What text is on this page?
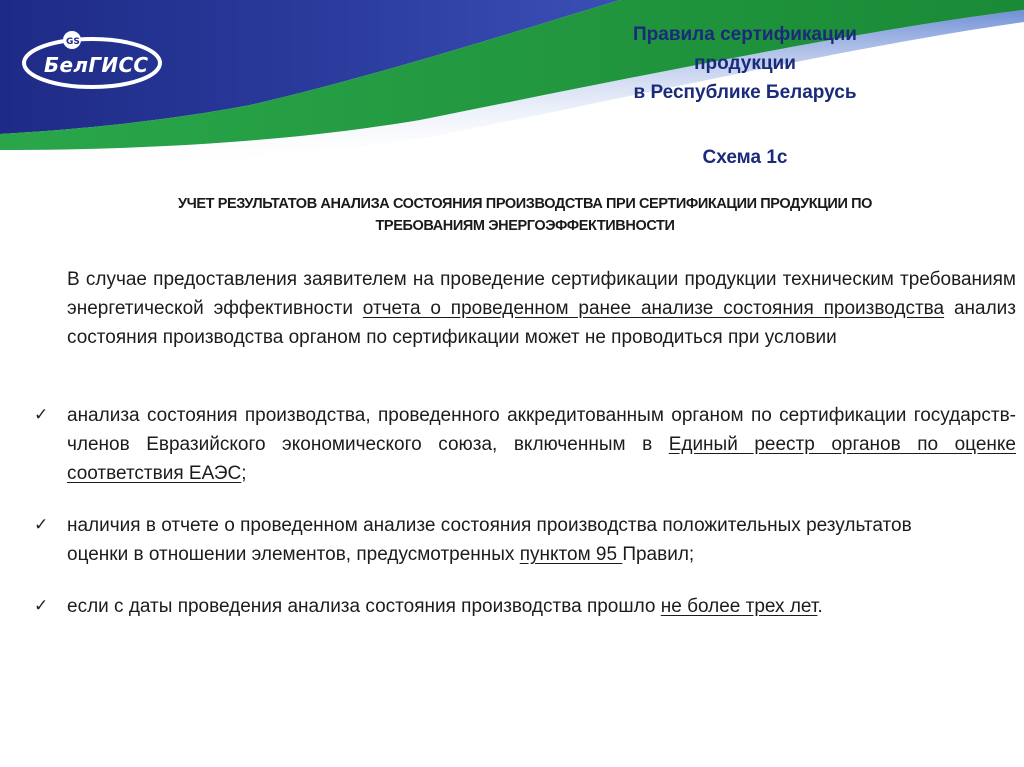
GS
БелГИСС
Правила сертификации
продукции
в Республике Беларусь
Схема 1с
УЧЕТ РЕЗУЛЬТАТОВ АНАЛИЗА СОСТОЯНИЯ ПРОИЗВОДСТВА ПРИ СЕРТИФИКАЦИИ ПРОДУКЦИИ ПО
ТРЕБОВАНИЯМ ЭНЕРГОЭФФЕКТИВНОСТИ
В случае предоставления заявителем на проведение сертификации продукции техническим требованиям энергетической эффективности отчета о проведенном ранее анализе состояния производства анализ состояния производства органом по сертификации может не проводиться при условии
✓ анализа состояния производства, проведенного аккредитованным органом по сертификации государств-членов Евразийского экономического союза, включенным в Единый реестр органов по оценке соответствия ЕАЭС;
✓ наличия в отчете о проведенном анализе состояния производства положительных результатов оценки в отношении элементов, предусмотренных пунктом 95 Правил;
✓ если с даты проведения анализа состояния производства прошло не более трех лет.
